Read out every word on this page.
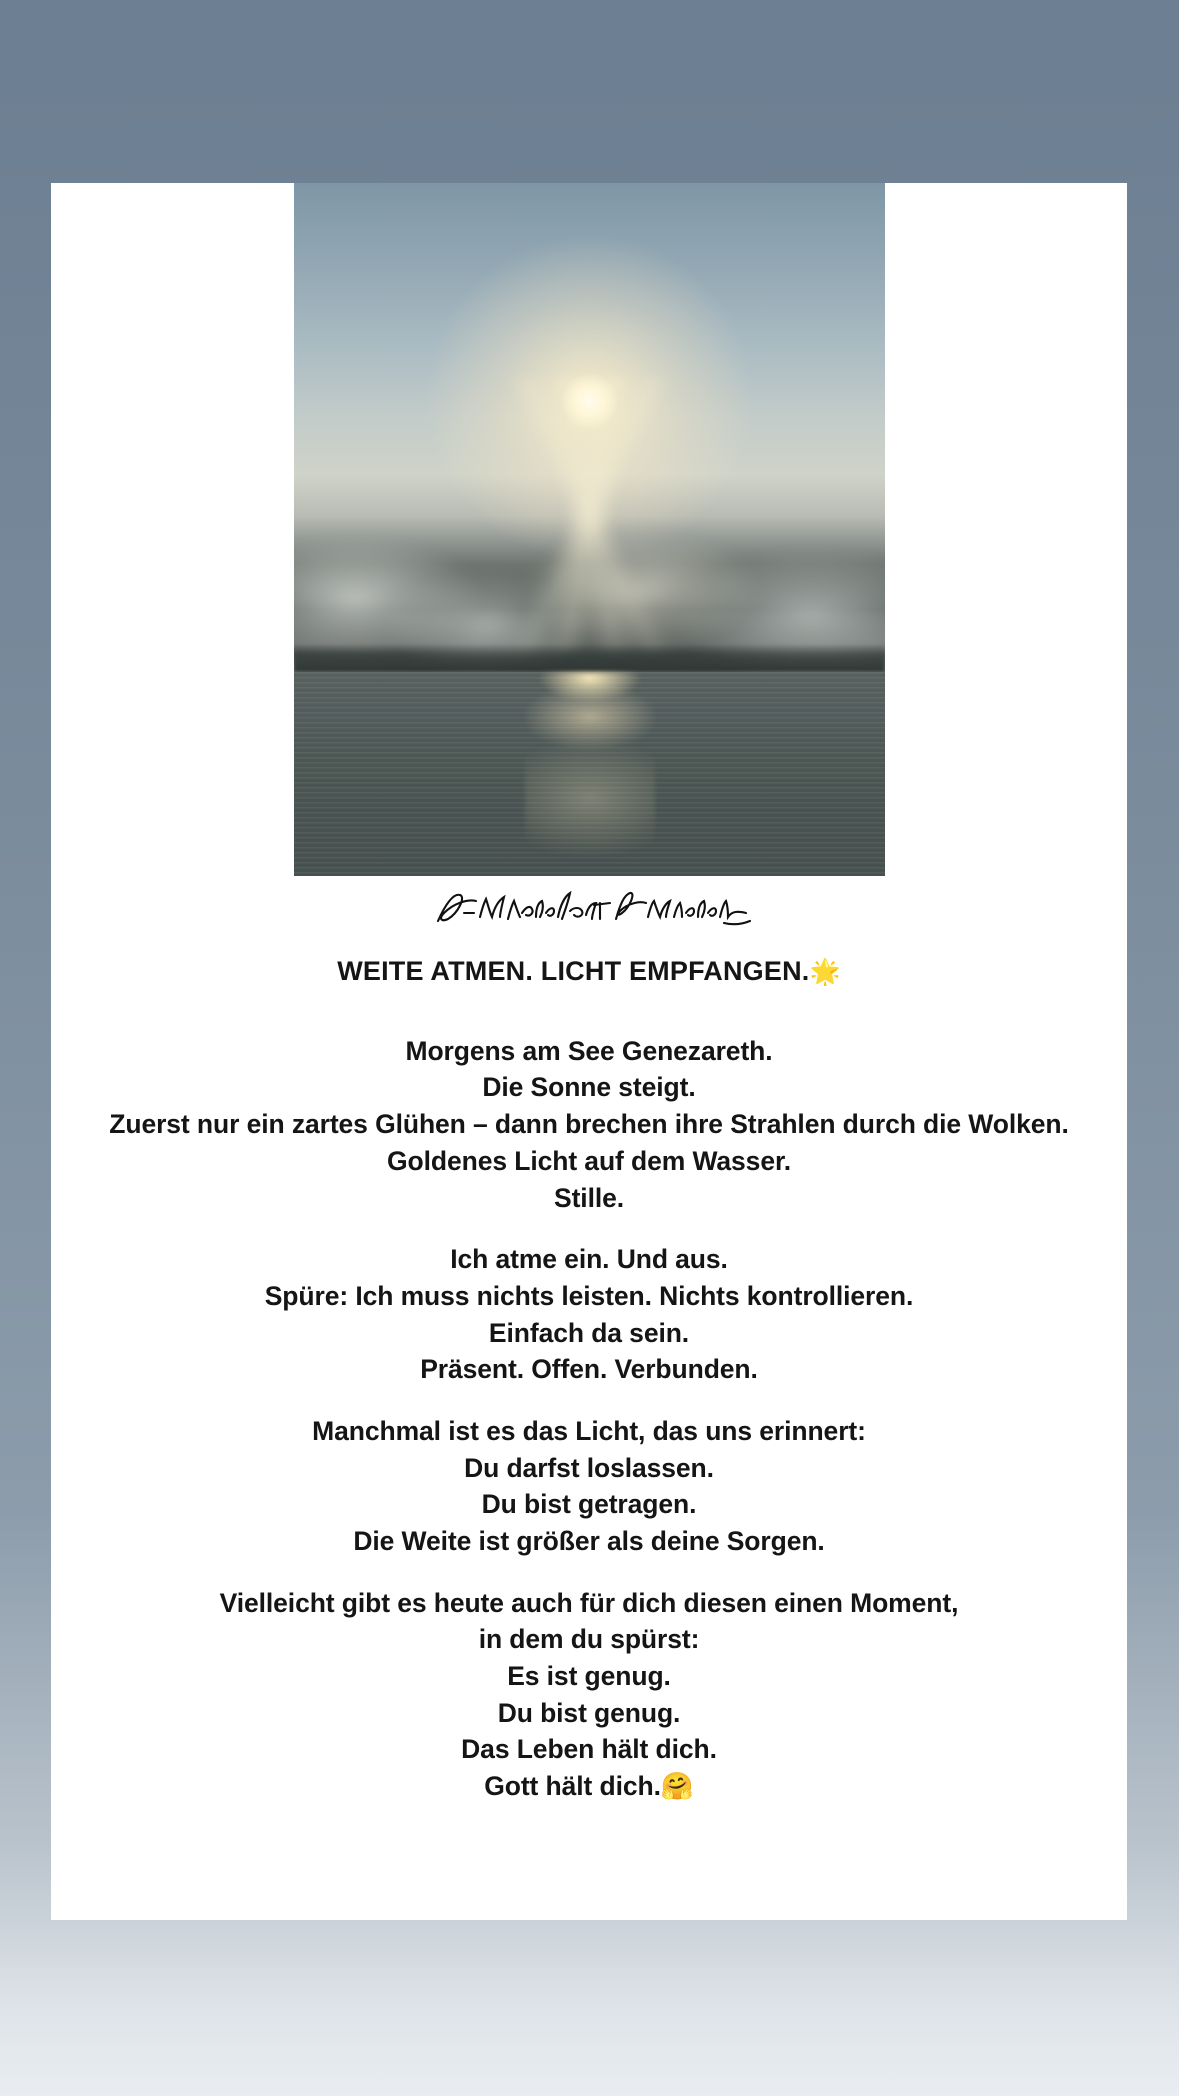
WEITE ATMEN. LICHT EMPFANGEN.🌟
Morgens am See Genezareth.
Die Sonne steigt.
Zuerst nur ein zartes Glühen – dann brechen ihre Strahlen durch die Wolken.
Goldenes Licht auf dem Wasser.
Stille.
Ich atme ein. Und aus.
Spüre: Ich muss nichts leisten. Nichts kontrollieren.
Einfach da sein.
Präsent. Offen. Verbunden.
Manchmal ist es das Licht, das uns erinnert:
Du darfst loslassen.
Du bist getragen.
Die Weite ist größer als deine Sorgen.
Vielleicht gibt es heute auch für dich diesen einen Moment,
in dem du spürst:
Es ist genug.
Du bist genug.
Das Leben hält dich.
Gott hält dich.🤗
